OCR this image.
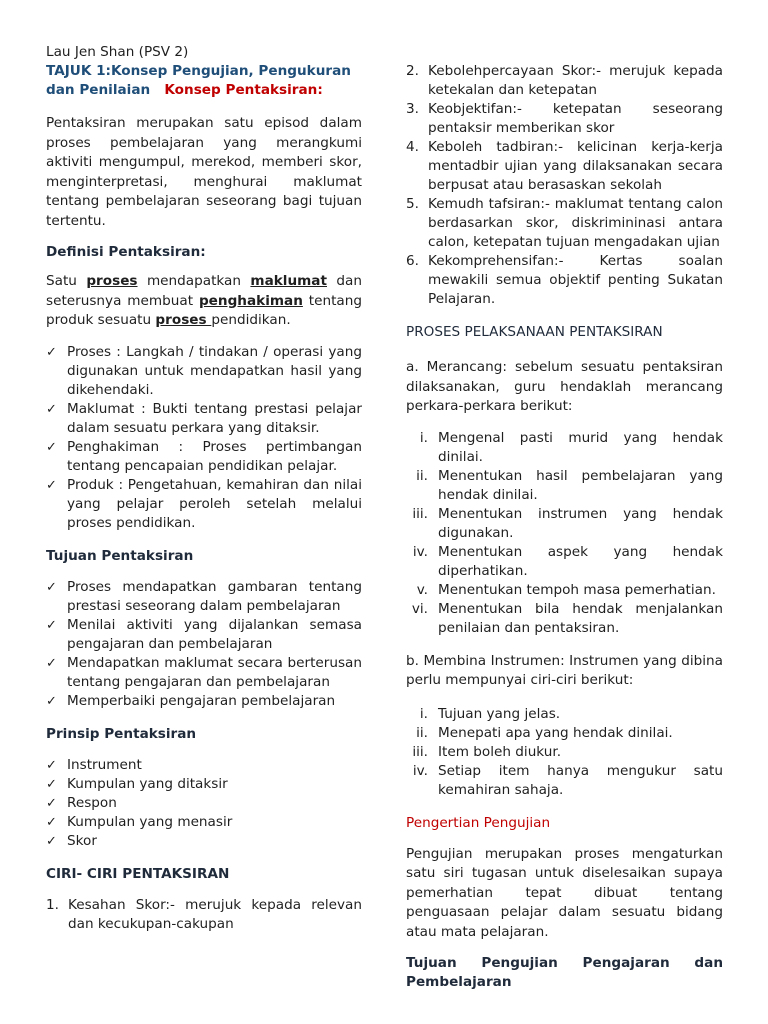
Lau Jen Shan (PSV 2)

TAJUK 1:Konsep Pengujian, Pengukuran dan Penilaian Konsep Pentaksiran:

Pentaksiran merupakan satu episod dalam proses pembelajaran yang merangkumi aktiviti mengumpul, merekod, memberi skor, menginterpretasi, menghurai maklumat tentang pembelajaran seseorang bagi tujuan tertentu.

Definisi Pentaksiran:

Satu proses mendapatkan maklumat dan seterusnya membuat penghakiman tentang produk sesuatu proses pendidikan.

✓ Proses : Langkah / tindakan / operasi yang digunakan untuk mendapatkan hasil yang dikehendaki.
✓ Maklumat : Bukti tentang prestasi pelajar dalam sesuatu perkara yang ditaksir.
✓ Penghakiman : Proses pertimbangan tentang pencapaian pendidikan pelajar.
✓ Produk : Pengetahuan, kemahiran dan nilai yang pelajar peroleh setelah melalui proses pendidikan.

Tujuan Pentaksiran

✓ Proses mendapatkan gambaran tentang prestasi seseorang dalam pembelajaran
✓ Menilai aktiviti yang dijalankan semasa pengajaran dan pembelajaran
✓ Mendapatkan maklumat secara berterusan tentang pengajaran dan pembelajaran
✓ Memperbaiki pengajaran pembelajaran

Prinsip Pentaksiran

✓ Instrument
✓ Kumpulan yang ditaksir
✓ Respon
✓ Kumpulan yang menasir
✓ Skor

CIRI- CIRI PENTAKSIRAN

1. Kesahan Skor:- merujuk kepada relevan dan kecukupan-cakupan
2. Kebolehpercayaan Skor:- merujuk kepada ketekalan dan ketepatan
3. Keobjektifan:- ketepatan seseorang pentaksir memberikan skor
4. Keboleh tadbiran:- kelicinan kerja-kerja mentadbir ujian yang dilaksanakan secara berpusat atau berasaskan sekolah
5. Kemudh tafsiran:- maklumat tentang calon berdasarkan skor, diskrimininasi antara calon, ketepatan tujuan mengadakan ujian
6. Kekomprehensifan:- Kertas soalan mewakili semua objektif penting Sukatan Pelajaran.

PROSES PELAKSANAAN PENTAKSIRAN

a. Merancang: sebelum sesuatu pentaksiran dilaksanakan, guru hendaklah merancang perkara-perkara berikut:

i. Mengenal pasti murid yang hendak dinilai.
ii. Menentukan hasil pembelajaran yang hendak dinilai.
iii. Menentukan instrumen yang hendak digunakan.
iv. Menentukan aspek yang hendak diperhatikan.
v. Menentukan tempoh masa pemerhatian.
vi. Menentukan bila hendak menjalankan penilaian dan pentaksiran.

b. Membina Instrumen: Instrumen yang dibina perlu mempunyai ciri-ciri berikut:

i. Tujuan yang jelas.
ii. Menepati apa yang hendak dinilai.
iii. Item boleh diukur.
iv. Setiap item hanya mengukur satu kemahiran sahaja.

Pengertian Pengujian

Pengujian merupakan proses mengaturkan satu siri tugasan untuk diselesaikan supaya pemerhatian tepat dibuat tentang penguasaan pelajar dalam sesuatu bidang atau mata pelajaran.

Tujuan Pengujian Pengajaran dan Pembelajaran
